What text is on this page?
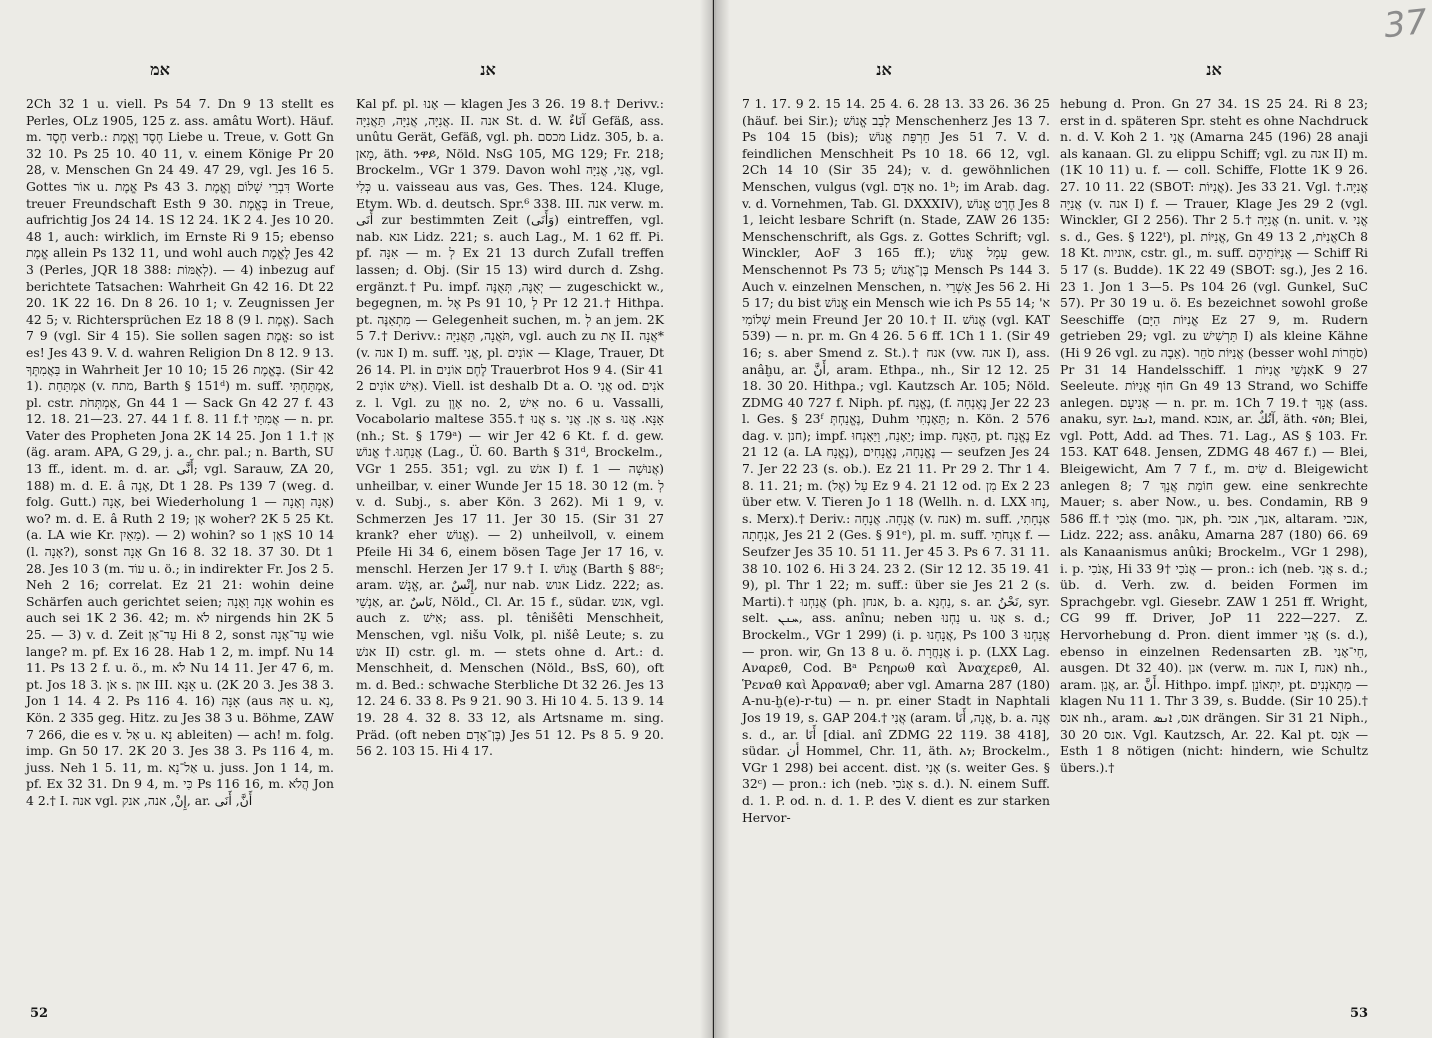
אמ	אנ

2Ch 32 1 u. viell. Ps 54 7. Dn 9 13 stellt es Perles, OLz 1905, 125 z. ass. amâtu Wort). Häuf. m. חֶסֶד verb.: חֶסֶד וֶאֱמֶת Liebe u. Treue, v. Gott Gn 32 10. Ps 25 10. 40 11, v. einem Könige Pr 20 28, v. Menschen Gn 24 49. 47 29, vgl. Jes 16 5. Gottes אוֹר u. אֱמֶת Ps 43 3. דִּבְרֵי שָׁלוֹם וֶאֱמֶת Worte treuer Freundschaft Esth 9 30. בֶּאֱמֶת in Treue, aufrichtig Jos 24 14. 1S 12 24. 1K 2 4. Jes 10 20. 48 1, auch: wirklich, im Ernste Ri 9 15; ebenso אֱמֶת allein Ps 132 11, und wohl auch לֶאֱמֶת Jes 42 3 (Perles, JQR 18 388: לְאֻמּוֹת). — 4) inbezug auf berichtete Tatsachen: Wahrheit Gn 42 16. Dt 22 20. 1K 22 16. Dn 8 26. 10 1; v. Zeugnissen Jer 42 5; v. Richtersprüchen Ez 18 8 (9 l. אֱמֶת). Sach 7 9 (vgl. Sir 4 15). Sie sollen sagen אֱמֶת: so ist es! Jes 43 9. V. d. wahren Religion Dn 8 12. 9 13. בַּאֲמִתֶּךָ in Wahrheit Jer 10 10; בֶּאֱמֶת 26 15. (Sir 42 1). אַמְתַּחַת (v. מתח, Barth § 151ᵈ) m. suff. אַמְתַּחְתִּי, pl. cstr. אַמְתְּחֹת, Gn 44 1 — Sack Gn 42 27 f. 43 12. 18. 21—23. 27. 44 1 f. 8. 11 f.† אֲמִתַּי — n. pr. Vater des Propheten Jona 2K 14 25. Jon 1 1.† אָן (äg. aram. APA, G 29, j. a., chr. pal.; n. Barth, SU 13 ff., ident. m. d. ar. أَنَّى; vgl. Sarauw, ZA 20, 188) m. d. E. â אָנָה, Dt 1 28. Ps 139 7 (weg. d. folg. Gutt.) אָנָה, bei Wiederholung אָנָה וְאָנָה — 1) wo? m. d. E. â Ruth 2 19; אָן woher? 2K 5 25 Kt. (a. LA wie Kr. מֵאַיִן). — 2) wohin? so אָן 1S 10 14 (l. אָנָה?), sonst אָנָה Gn 16 8. 32 18. 37 30. Dt 1 28. Jes 10 3 (m. עוֹד u. ö.; in indirekter Fr. Jos 2 5. Neh 2 16; correlat. Ez 21 21: wohin deine Schärfen auch gerichtet seien; אָנָה וָאָנָה wohin es auch sei 1K 2 36. 42; m. לֹא nirgends hin 2K 5 25. — 3) v. d. Zeit עַד־אָן Hi 8 2, sonst עַד־אָנָה wie lange? m. pf. Ex 16 28. Hab 1 2, m. impf. Nu 14 11. Ps 13 2 f. u. ö., m. לֹא Nu 14 11. Jer 47 6, m. pt. Jos 18 3. אֹן s. און III. אָנָּא u. (2K 20 3. Jes 38 3. Jon 1 14. 4 2. Ps 116 4. 16) אָנָּה (aus אָהּ u. נָא, Kön. 2 335 geg. Hitz. zu Jes 38 3 u. Böhme, ZAW 7 266, die es v. אַל u. נָא ableiten) — ach! m. folg. imp. Gn 50 17. 2K 20 3. Jes 38 3. Ps 116 4, m. juss. Neh 1 5. 11, m. אַל־נָא u. juss. Jon 1 14, m. pf. Ex 32 31. Dn 9 4, m. כִּי Ps 116 16, m. הֲלֹא Jon 4 2.† I. אנה vgl. إِنْ, אנה, אנק, ar. أَنَّ, أَنَى

Kal pf. pl. אָנוּ — klagen Jes 3 26. 19 8.† Derivv.: אֲנִיָּה, אֲנִיָּה, תַּאֲנִיָּה. II. אנה St. d. W. آنَاءٌ Gefäß, ass. unûtu Gerät, Gefäß, vgl. ph. מכסם Lidz. 305, b. a. מָאן, äth. ንዋይ, Nöld. NsG 105, MG 129; Fr. 218; Brockelm., VGr 1 379. Davon wohl אֳנִי, אֳנִיָּה, vgl. כְּלִי u. vaisseau aus vas, Ges. Thes. 124. Kluge, Etym. Wb. d. deutsch. Spr.⁶ 338. III. אנה verw. m. أَنَى zur bestimmten Zeit (وَأَنَى) eintreffen, vgl. nab. אנא Lidz. 221; s. auch Lag., M. 1 62 ff. Pi. pf. אִנָּה — m. לְ Ex 21 13 durch Zufall treffen lassen; d. Obj. (Sir 15 13) wird durch d. Zshg. ergänzt.† Pu. impf. יְאֻנֶּה, תְּאֻנֶּה — zugeschickt w., begegnen, m. אֶל Ps 91 10, לְ Pr 12 21.† Hithpa. pt. מִתְאַנֶּה — Gelegenheit suchen, m. לְ an jem. 2K 5 7.† Derivv.: תֹּאֲנָה, תַּאֲנִיָּה, vgl. auch zu אֵת II. אֲנָה* (v. אנה I) m. suff. אֳנִי, pl. אוֹנִים — Klage, Trauer, Dt 26 14. Pl. in לֶחֶם אוֹנִים Trauerbrot Hos 9 4. (Sir 41 2 אִישׁ אוֹנִים). Viell. ist deshalb Dt a. O. אֳנִי od. אֹנִים z. l. Vgl. zu אָוֶן no. 2, אִישׁ no. 6 u. Vassalli, Vocabolario maltese 355.† אֲנוּ s. אָן. אֲנִי s. אָנָּא. אֲנוּ (nh.; St. § 179ᵃ) — wir Jer 42 6 Kt. f. d. gew. אֲנַחְנוּ.† אֱנוֹשׁ (Lag., Ü. 60. Barth § 31ᵈ, Brockelm., VGr 1 255. 351; vgl. zu אנשׁ I) f. אֲנוּשָׁה — 1) unheilbar, v. einer Wunde Jer 15 18. 30 12 (m. לְ v. d. Subj., s. aber Kön. 3 262). Mi 1 9, v. Schmerzen Jes 17 11. Jer 30 15. (Sir 31 27 krank? eher אֱנוֹשׁ). — 2) unheilvoll, v. einem Pfeile Hi 34 6, einem bösen Tage Jer 17 16, v. menschl. Herzen Jer 17 9.† I. אֱנוֹשׁ (Barth § 88ᶜ; aram. אֱנָשׁ, ar. إِنْسٌ, nur nab. אנוש Lidz. 222; as. אַנְשֵׁי, ar. نَاسٌ, Nöld., Cl. Ar. 15 f., südar. אנש, vgl. auch z. אִישׁ; ass. pl. tênišêti Menschheit, Menschen, vgl. nišu Volk, pl. nišê Leute; s. zu אנשׁ II) cstr. gl. m. — stets ohne d. Art.: d. Menschheit, d. Menschen (Nöld., BsS, 60), oft m. d. Bed.: schwache Sterbliche Dt 32 26. Jes 13 12. 24 6. 33 8. Ps 9 21. 90 3. Hi 10 4. 5. 13 9. 14 19. 28 4. 32 8. 33 12, als Artsname m. sing. Präd. (oft neben בֶּן־אָדָם) Jes 51 12. Ps 8 5. 9 20. 56 2. 103 15. Hi 4 17.

52
אנ	אנ

7 1. 17. 9 2. 15 14. 25 4. 6. 28 13. 33 26. 36 25 (häuf. bei Sir.); לְבַב אֱנוֹשׁ Menschenherz Jes 13 7. Ps 104 15 (bis); חַרְפַּת אֱנוֹשׁ Jes 51 7. V. d. feindlichen Menschheit Ps 10 18. 66 12, vgl. 2Ch 14 10 (Sir 35 24); v. d. gewöhnlichen Menschen, vulgus (vgl. אָדָם no. 1ᵇ; im Arab. dag. v. d. Vornehmen, Tab. Gl. DXXXIV), חֶרֶט אֱנוֹשׁ Jes 8 1, leicht lesbare Schrift (n. Stade, ZAW 26 135: Menschenschrift, als Ggs. z. Gottes Schrift; vgl. Winckler, AoF 3 165 ff.); עָמָל אֱנוֹשׁ gew. Menschennot Ps 73 5; בֶּן־אֱנוֹשׁ Mensch Ps 144 3. Auch v. einzelnen Menschen, n. אַשְׁרֵי Jes 56 2. Hi 5 17; du bist אֱנוֹשׁ ein Mensch wie ich Ps 55 14; א' שְׁלוֹמִי mein Freund Jer 20 10.† II. אֱנוֹשׁ (vgl. KAT 539) — n. pr. m. Gn 4 26. 5 6 ff. 1Ch 1 1. (Sir 49 16; s. aber Smend z. St.).† אנח (vw. אנה I), ass. anâḫu, ar. أَنَّ, aram. Ethpa., nh., Sir 12 12. 25 18. 30 20. Hithpa.; vgl. Kautzsch Ar. 105; Nöld. ZDMG 40 727 f. Niph. pf. נֶאֱנַח, (f. נֶאֶנְחָה Jer 22 23 l. Ges. § 23ᶠ נֶאֱנַחְתְּ, Duhm תֵּאָנְחִי; n. Kön. 2 576 dag. v. חנן); impf. יֵאָנַח, וַיֵּאָנְחוּ; imp. הֵאָנַח, pt. נֶאֱנָח Ez 21 12 (a. LA נֶאֱנָח), נֶאֱנָחָה, נֶאֱנָחִים — seufzen Jes 24 7. Jer 22 23 (s. ob.). Ez 21 11. Pr 29 2. Thr 1 4. 8. 11. 21; m. עַל (אֶל) Ez 9 4. 21 12 od. מִן Ex 2 23 über etw. V. Tieren Jo 1 18 (Wellh. n. d. LXX נָחוּ, s. Merx).† Deriv.: אֲנָחָה. אֲנָחָה (v. אנח) m. suff. אַנְחָתִי, אַנְחָתָה, Jes 21 2 (Ges. § 91ᵉ), pl. m. suff. אַנְחֹתַי f. — Seufzer Jes 35 10. 51 11. Jer 45 3. Ps 6 7. 31 11. 38 10. 102 6. Hi 3 24. 23 2. (Sir 12 12. 35 19. 41 9), pl. Thr 1 22; m. suff.: über sie Jes 21 2 (s. Marti).† אֲנַחְנוּ (ph. אנחן, b. a. נַחְנָא, s. ar. نَحْنُ, syr. selt. ܚܢܢ, ass. anînu; neben נַחְנוּ u. אָנוּ s. d.; Brockelm., VGr 1 299) (i. p. אֲנָחְנוּ, Ps 100 3 אֲנַחְנוּ — pron. wir, Gn 13 8 u. ö. אֲנָחֲרָת i. p. (LXX Lag. Αναρεθ, Cod. Bᵃ Ρεηρωθ καὶ Ἀναχερεθ, Al. Ῥεναθ καὶ Ἀρραναθ; aber vgl. Amarna 287 (180) A-nu-ḫ(e)-r-tu) — n. pr. einer Stadt in Naphtali Jos 19 19, s. GAP 204.† אֲנִי (aram. אֲנָה, أَنَا, b. a. אֲנָה s. d., ar. أَنَا [dial. anî ZDMG 22 119. 38 418], südar. أن Hommel, Chr. 11, äth. አነ; Brockelm., VGr 1 298) bei accent. dist. אָנִי (s. weiter Ges. § 32ᶜ) — pron.: ich (neb. אָנֹכִי s. d.). N. einem Suff. d. 1. P. od. n. d. 1. P. des V. dient es zur starken Hervor-

hebung d. Pron. Gn 27 34. 1S 25 24. Ri 8 23; erst in d. späteren Spr. steht es ohne Nachdruck n. d. V. Koh 2 1. אֳנִי (Amarna 245 (196) 28 anaji als kanaan. Gl. zu elippu Schiff; vgl. zu אנה II) m. (1K 10 11) u. f. — coll. Schiffe, Flotte 1K 9 26. 27. 10 11. 22 (SBOT: אֳנִיּוֹת). Jes 33 21. Vgl. אֳנִיָּה.† אֲנִיָּה (v. אנה I) f. — Trauer, Klage Jes 29 2 (vgl. Winckler, GI 2 256). Thr 2 5.† אֳנִיָּה (n. unit. v. אֳנִי s. d., Ges. § 122ᵗ), pl. אֳנִיּוֹת, Gn 49 13 אֳנִיֹּת, 2Ch 8 18 Kt. אוניות, cstr. gl., m. suff. אֳנִיּוֹתֵיהֶם — Schiff Ri 5 17 (s. Budde). 1K 22 49 (SBOT: sg.), Jes 2 16. 23 1. Jon 1 3—5. Ps 104 26 (vgl. Gunkel, SuC 57). Pr 30 19 u. ö. Es bezeichnet sowohl große Seeschiffe (אֳנִיּוֹת הַיָּם Ez 27 9, m. Rudern getrieben 29; vgl. zu תַּרְשִׁישׁ I) als kleine Kähne (Hi 9 26 vgl. zu אֵבֶה). אֳנִיּוֹת סֹחֵר (besser wohl סֹחֲרוֹת) Pr 31 14 Handelsschiff. אַנְשֵׁי אֳנִיּוֹת 1K 9 27 Seeleute. חוֹף אֳנִיּוֹת Gn 49 13 Strand, wo Schiffe anlegen. אֲנִיעָם — n. pr. m. 1Ch 7 19.† אֲנָךְ (ass. anaku, syr. ܐܢܟܐ, mand. אנכא, ar. آنُكٌ, äth. ናዕክ; Blei, vgl. Pott, Add. ad Thes. 71. Lag., AS § 103. Fr. 153. KAT 648. Jensen, ZDMG 48 467 f.) — Blei, Bleigewicht, Am 7 7 f., m. שִׂים d. Bleigewicht anlegen 8; חוֹמַת אֲנָךְ 7 gew. eine senkrechte Mauer; s. aber Now., u. bes. Condamin, RB 9 586 ff.† אָנֹכִי (mo. אנך, ph. אנך, אנכי, altaram. אנכי, Lidz. 222; ass. anâku, Amarna 287 (180) 66. 69 als Kanaanismus anûki; Brockelm., VGr 1 298), i. p. אָנֹכִי, Hi 33 9† אֲנֹכִי — pron.: ich (neb. אֲנִי s. d.; üb. d. Verh. zw. d. beiden Formen im Sprachgebr. vgl. Giesebr. ZAW 1 251 ff. Wright, CG 99 ff. Driver, JoP 11 222—227. Z. Hervorhebung d. Pron. dient immer אֲנִי (s. d.), ebenso in einzelnen Redensarten zB. חַי־אָנִי, ausgen. Dt 32 40). אנן (verw. m. אנה I, אנח) nh., aram. אֲנַן, ar. أَنَّ. Hithpo. impf. יִתְאוֹנֵן, pt. מִתְאֹנְנִים — klagen Nu 11 1. Thr 3 39, s. Budde. (Sir 10 25).† אנס nh., aram. אנס, ܐܢܣ drängen. Sir 31 21 Niph., 30 20 אנס. Vgl. Kautzsch, Ar. 22. Kal pt. אֹנֵס — Esth 1 8 nötigen (nicht: hindern, wie Schultz übers.).†

53
37
